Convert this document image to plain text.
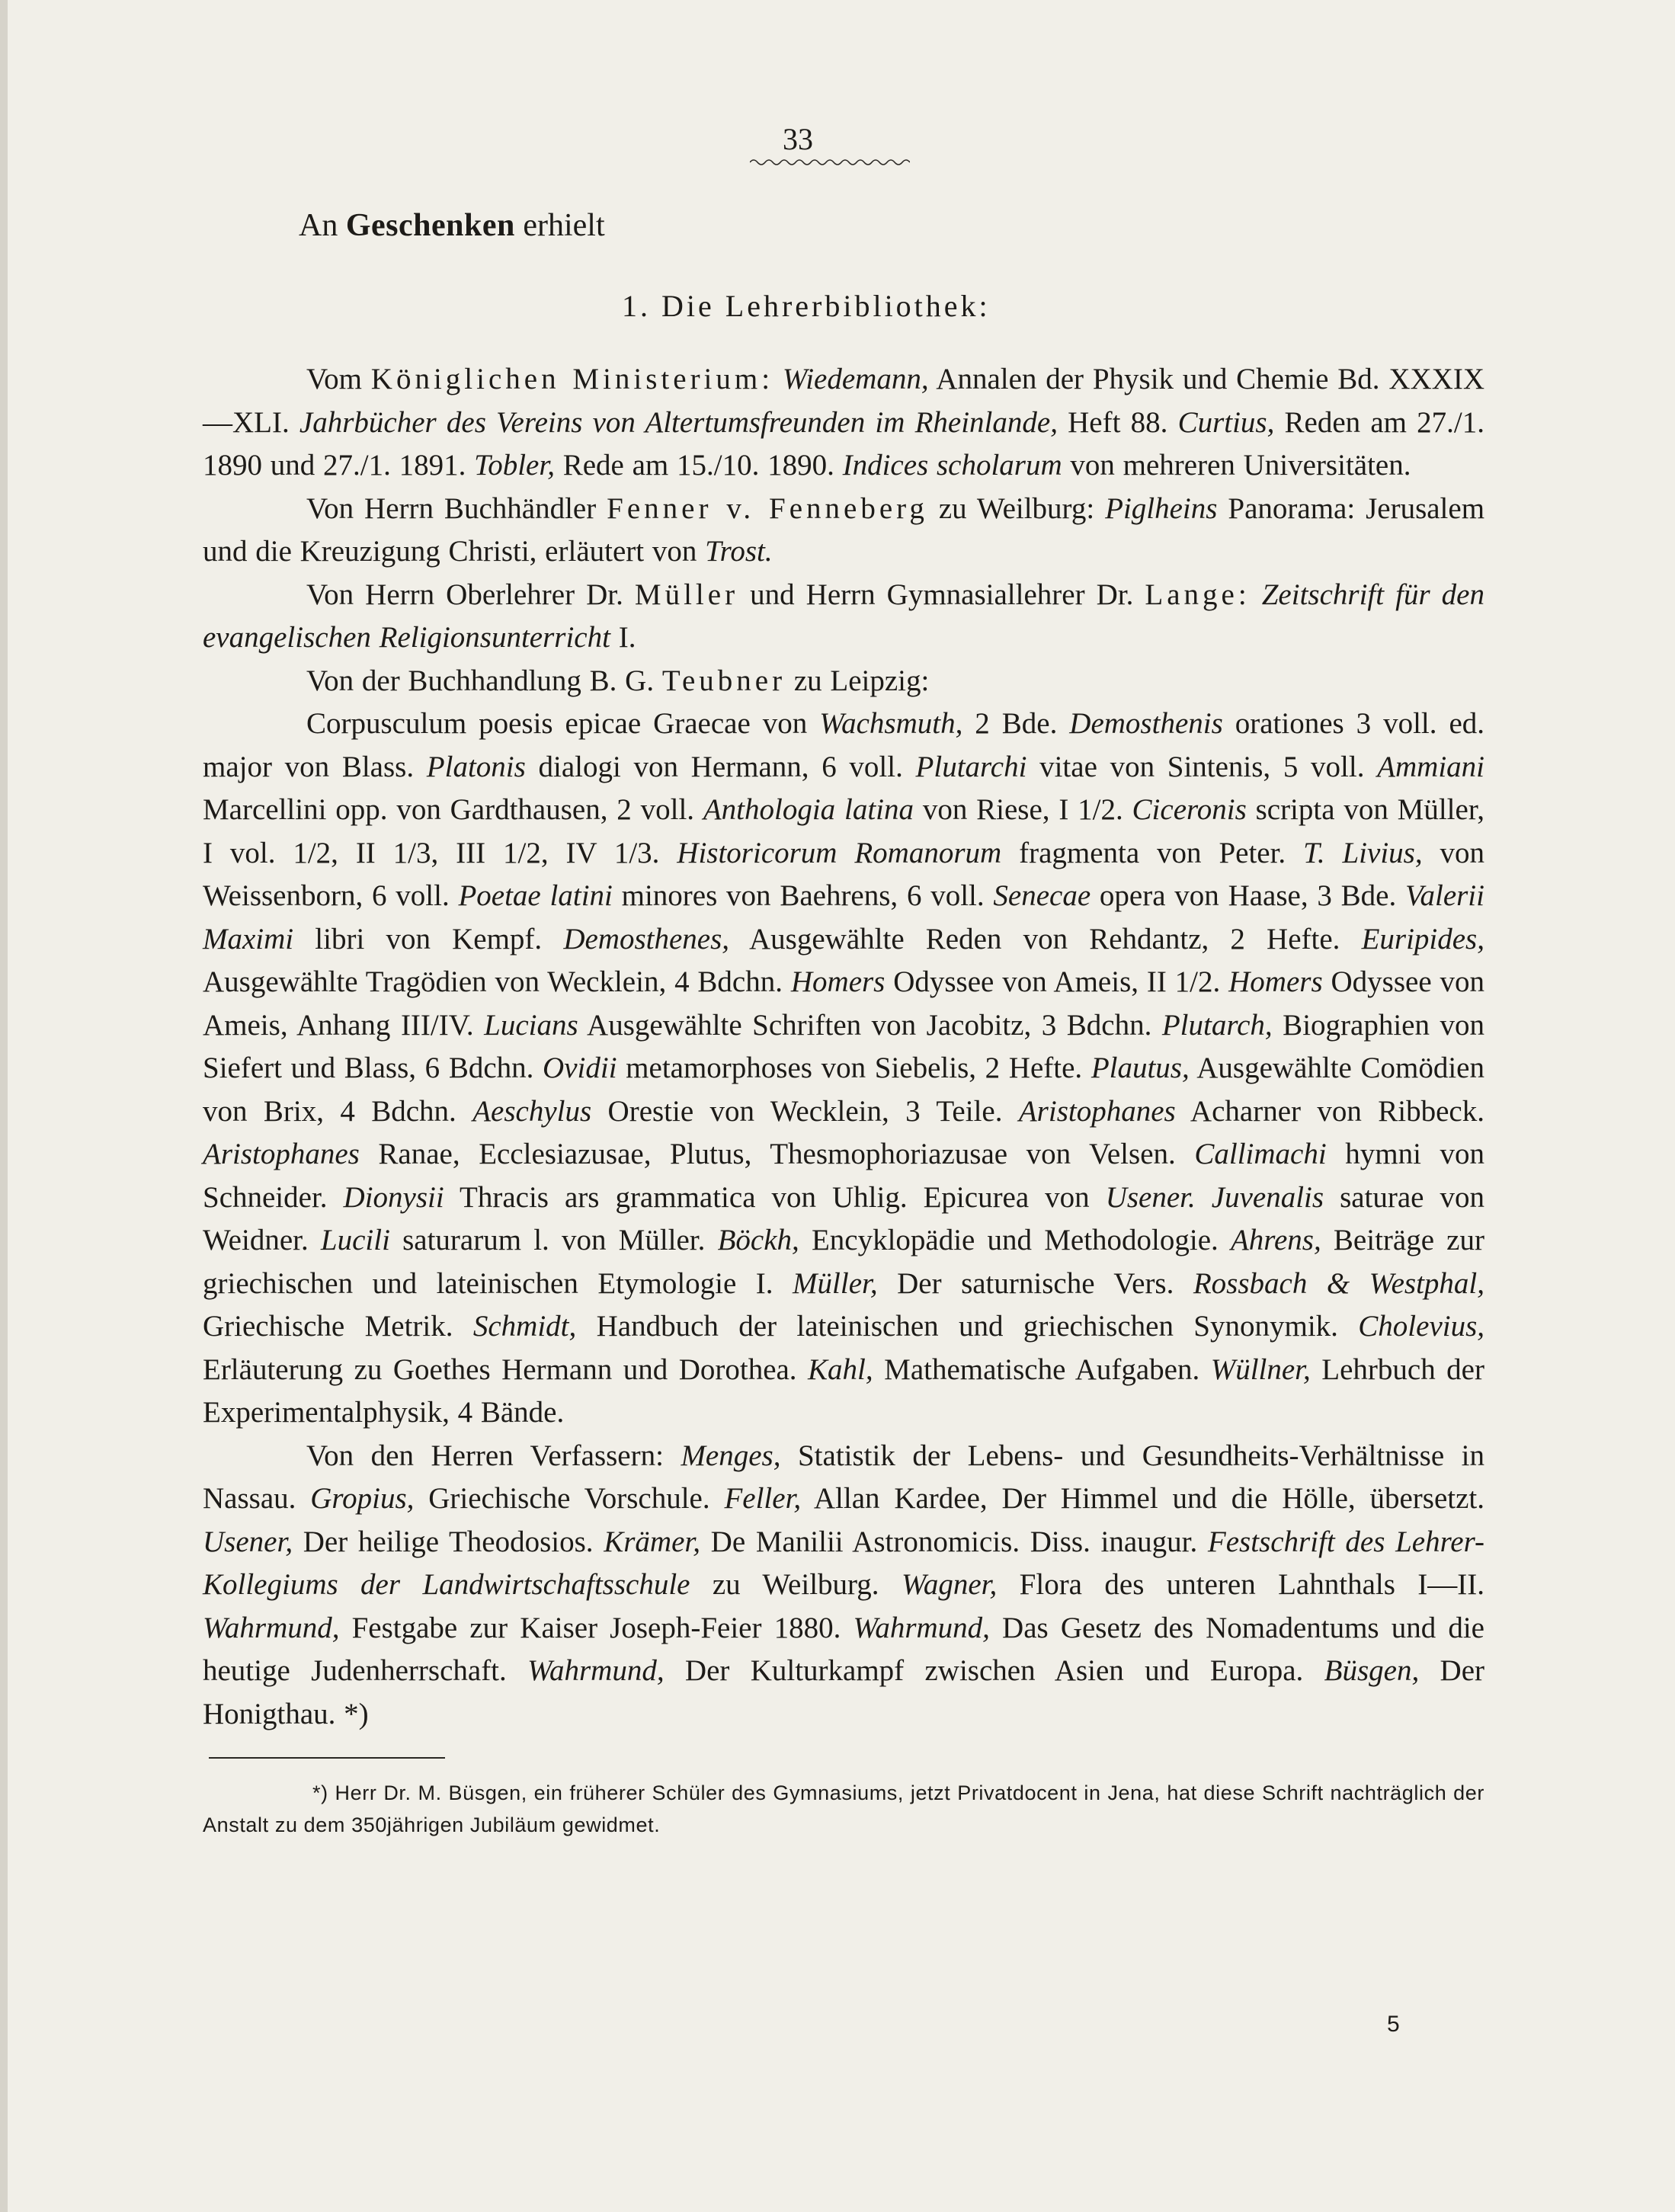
33
An Geschenken erhielt
1. Die Lehrerbibliothek:

Vom Königlichen Ministerium: Wiedemann, Annalen der Physik und Chemie Bd. XXXIX—XLI. Jahrbücher des Vereins von Altertumsfreunden im Rheinlande, Heft 88. Curtius, Reden am 27./1. 1890 und 27./1. 1891. Tobler, Rede am 15./10. 1890. Indices scholarum von mehreren Universitäten.

Von Herrn Buchhändler Fenner v. Fenneberg zu Weilburg: Piglheins Panorama: Jerusalem und die Kreuzigung Christi, erläutert von Trost.

Von Herrn Oberlehrer Dr. Müller und Herrn Gymnasiallehrer Dr. Lange: Zeitschrift für den evangelischen Religionsunterricht I.

Von der Buchhandlung B. G. Teubner zu Leipzig:

Corpusculum poesis epicae Graecae von Wachsmuth, 2 Bde. Demosthenis orationes 3 voll. ed. major von Blass. Platonis dialogi von Hermann, 6 voll. Plutarchi vitae von Sintenis, 5 voll. Ammiani Marcellini opp. von Gardthausen, 2 voll. Anthologia latina von Riese, I 1/2. Ciceronis scripta von Müller, I vol. 1/2, II 1/3, III 1/2, IV 1/3. Historicorum Romanorum fragmenta von Peter. T. Livius, von Weissenborn, 6 voll. Poetae latini minores von Baehrens, 6 voll. Senecae opera von Haase, 3 Bde. Valerii Maximi libri von Kempf. Demosthenes, Ausgewählte Reden von Rehdantz, 2 Hefte. Euripides, Ausgewählte Tragödien von Wecklein, 4 Bdchn. Homers Odyssee von Ameis, II 1/2. Homers Odyssee von Ameis, Anhang III/IV. Lucians Ausgewählte Schriften von Jacobitz, 3 Bdchn. Plutarch, Biographien von Siefert und Blass, 6 Bdchn. Ovidii metamorphoses von Siebelis, 2 Hefte. Plautus, Ausgewählte Comödien von Brix, 4 Bdchn. Aeschylus Orestie von Wecklein, 3 Teile. Aristophanes Acharner von Ribbeck. Aristophanes Ranae, Ecclesiazusae, Plutus, Thesmophoriazusae von Velsen. Callimachi hymni von Schneider. Dionysii Thracis ars grammatica von Uhlig. Epicurea von Usener. Juvenalis saturae von Weidner. Lucili saturarum l. von Müller. Böckh, Encyklopädie und Methodologie. Ahrens, Beiträge zur griechischen und lateinischen Etymologie I. Müller, Der saturnische Vers. Rossbach & Westphal, Griechische Metrik. Schmidt, Handbuch der lateinischen und griechischen Synonymik. Cholevius, Erläuterung zu Goethes Hermann und Dorothea. Kahl, Mathematische Aufgaben. Wüllner, Lehrbuch der Experimentalphysik, 4 Bände.

Von den Herren Verfassern: Menges, Statistik der Lebens- und Gesundheits-Verhältnisse in Nassau. Gropius, Griechische Vorschule. Feller, Allan Kardee, Der Himmel und die Hölle, übersetzt. Usener, Der heilige Theodosios. Krämer, De Manilii Astronomicis. Diss. inaugur. Festschrift des Lehrer-Kollegiums der Landwirtschaftsschule zu Weilburg. Wagner, Flora des unteren Lahnthals I—II. Wahrmund, Festgabe zur Kaiser Joseph-Feier 1880. Wahrmund, Das Gesetz des Nomadentums und die heutige Judenherrschaft. Wahrmund, Der Kulturkampf zwischen Asien und Europa. Büsgen, Der Honigthau. *)

*) Herr Dr. M. Büsgen, ein früherer Schüler des Gymnasiums, jetzt Privatdocent in Jena, hat diese Schrift nachträglich der Anstalt zu dem 350jährigen Jubiläum gewidmet.
5
